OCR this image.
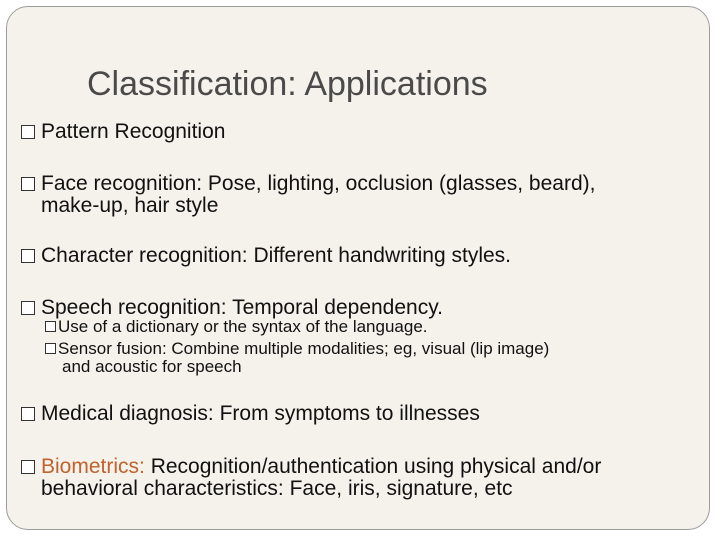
Classification: Applications
Pattern Recognition
Face recognition: Pose, lighting, occlusion (glasses, beard),
make-up, hair style
Character recognition: Different handwriting styles.
Speech recognition: Temporal dependency.
Use of a dictionary or the syntax of the language.
Sensor fusion: Combine multiple modalities; eg, visual (lip image)
and acoustic for speech
Medical diagnosis: From symptoms to illnesses
Biometrics: Recognition/authentication using physical and/or
behavioral characteristics: Face, iris, signature, etc
